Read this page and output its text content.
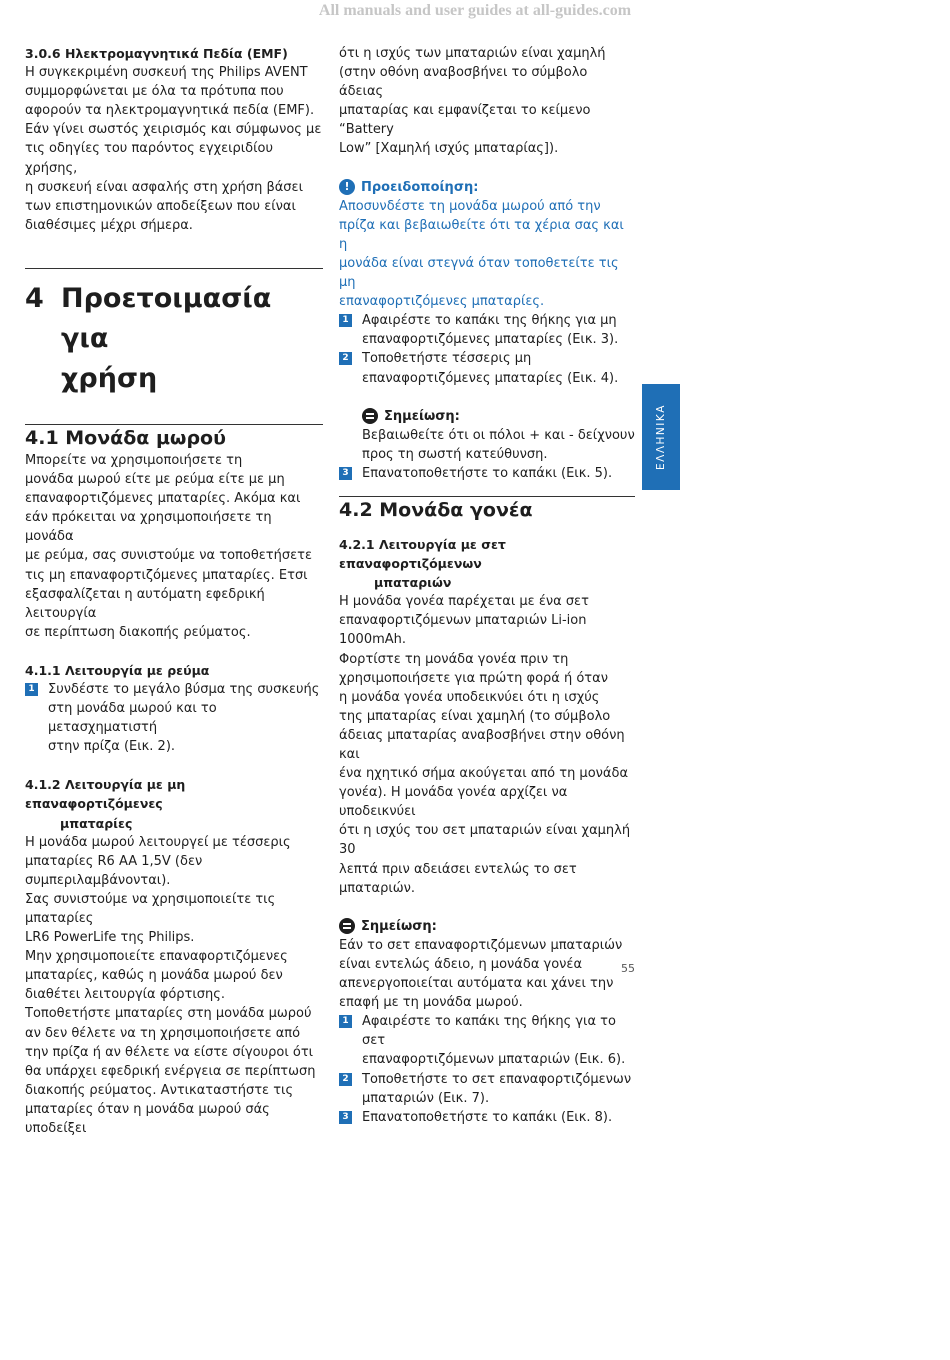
All manuals and user guides at all-guides.com

3.0.6 Ηλεκτρομαγνητικά Πεδία (EMF)

Η συγκεκριμένη συσκευή της Philips AVENT
συμμορφώνεται με όλα τα πρότυπα που
αφορούν τα ηλεκτρομαγνητικά πεδία (EMF).
Εάν γίνει σωστός χειρισμός και σύμφωνος με
τις οδηγίες του παρόντος εγχειριδίου χρήσης,
η συσκευή είναι ασφαλής στη χρήση βάσει
των επιστημονικών αποδείξεων που είναι
διαθέσιμες μέχρι σήμερα.
4 Προετοιμασία για
χρήση

4.1 Μονάδα μωρού

Μπορείτε να χρησιμοποιήσετε τη
μονάδα μωρού είτε με ρεύμα είτε με μη
επαναφορτιζόμενες μπαταρίες. Ακόμα και
εάν πρόκειται να χρησιμοποιήσετε τη μονάδα
με ρεύμα, σας συνιστούμε να τοποθετήσετε
τις μη επαναφορτιζόμενες μπαταρίες. Ετσι
εξασφαλίζεται η αυτόματη εφεδρική λειτουργία
σε περίπτωση διακοπής ρεύματος.

4.1.1 Λειτουργία με ρεύμα

1 Συνδέστε το μεγάλο βύσμα της συσκευής
στη μονάδα μωρού και το μετασχηματιστή
στην πρίζα (Εικ. 2).

4.1.2 Λειτουργία με μη επαναφορτιζόμενες
μπαταρίες

Η μονάδα μωρού λειτουργεί με τέσσερις
μπαταρίες R6 AA 1,5V (δεν συμπεριλαμβάνονται).
Σας συνιστούμε να χρησιμοποιείτε τις μπαταρίες
LR6 PowerLife της Philips.
Μην χρησιμοποιείτε επαναφορτιζόμενες
μπαταρίες, καθώς η μονάδα μωρού δεν
διαθέτει λειτουργία φόρτισης.
Τοποθετήστε μπαταρίες στη μονάδα μωρού
αν δεν θέλετε να τη χρησιμοποιήσετε από
την πρίζα ή αν θέλετε να είστε σίγουροι ότι
θα υπάρχει εφεδρική ενέργεια σε περίπτωση
διακοπής ρεύματος. Αντικαταστήστε τις
μπαταρίες όταν η μονάδα μωρού σάς υποδείξει
ότι η ισχύς των μπαταριών είναι χαμηλή
(στην οθόνη αναβοσβήνει το σύμβολο άδειας
μπαταρίας και εμφανίζεται το κείμενο “Battery
Low” [Χαμηλή ισχύς μπαταρίας]).
!
Προειδοποίηση:
Αποσυνδέστε τη μονάδα μωρού από την
πρίζα και βεβαιωθείτε ότι τα χέρια σας και η
μονάδα είναι στεγνά όταν τοποθετείτε τις μη
επαναφορτιζόμενες μπαταρίες.
1 Αφαιρέστε το καπάκι της θήκης για μη
επαναφορτιζόμενες μπαταρίες (Εικ. 3).
2 Τοποθετήστε τέσσερις μη
επαναφορτιζόμενες μπαταρίες (Εικ. 4).
Σημείωση:
Βεβαιωθείτε ότι οι πόλοι + και - δείχνουν
προς τη σωστή κατεύθυνση.
3 Επανατοποθετήστε το καπάκι (Εικ. 5).

4.2 Μονάδα γονέα

4.2.1 Λειτουργία με σετ επαναφορτιζόμενων
μπαταριών

Η μονάδα γονέα παρέχεται με ένα σετ
επαναφορτιζόμενων μπαταριών Li-ion
1000mAh.
Φορτίστε τη μονάδα γονέα πριν τη
χρησιμοποιήσετε για πρώτη φορά ή όταν
η μονάδα γονέα υποδεικνύει ότι η ισχύς
της μπαταρίας είναι χαμηλή (το σύμβολο
άδειας μπαταρίας αναβοσβήνει στην οθόνη και
ένα ηχητικό σήμα ακούγεται από τη μονάδα
γονέα). Η μονάδα γονέα αρχίζει να υποδεικνύει
ότι η ισχύς του σετ μπαταριών είναι χαμηλή 30
λεπτά πριν αδειάσει εντελώς το σετ μπαταριών.
Σημείωση:
Εάν το σετ επαναφορτιζόμενων μπαταριών
είναι εντελώς άδειο, η μονάδα γονέα
απενεργοποιείται αυτόματα και χάνει την
επαφή με τη μονάδα μωρού.
1 Αφαιρέστε το καπάκι της θήκης για το σετ
επαναφορτιζόμενων μπαταριών (Εικ. 6).
2 Τοποθετήστε το σετ επαναφορτιζόμενων
μπαταριών (Εικ. 7).
3 Επανατοποθετήστε το καπάκι (Εικ. 8).
ΕΛΛΗΝΙΚΑ
55
